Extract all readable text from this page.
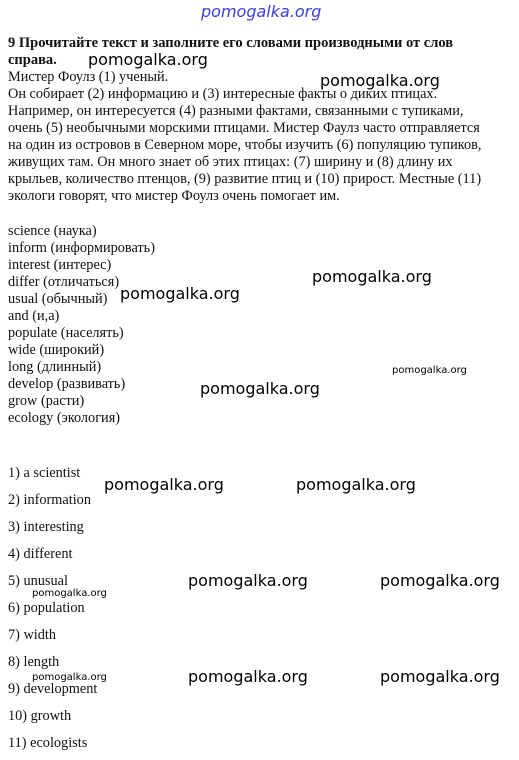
pomogalka.org
9 Прочитайте текст и заполните его словами производными от слов
справа.
Мистер Фоулз (1) ученый.
Он собирает (2) информацию и (3) интересные факты о диких птицах.
Например, он интересуется (4) разными фактами, связанными с тупиками,
очень (5) необычными морскими птицами. Мистер Фаулз часто отправляется
на один из островов в Северном море, чтобы изучить (6) популяцию тупиков,
живущих там. Он много знает об этих птицах: (7) ширину и (8) длину их
крыльев, количество птенцов, (9) развитие птиц и (10) прирост. Местные (11)
экологи говорят, что мистер Фоулз очень помогает им.
science (наука)
inform (информировать)
interest (интерес)
differ (отличаться)
usual (обычный)
and (и,а)
populate (населять)
wide (широкий)
long (длинный)
develop (развивать)
grow (расти)
ecology (экология)
1) a scientist
2) information
3) interesting
4) different
5) unusual
6) population
7) width
8) length
9) development
10) growth
11) ecologists
pomogalka.org
pomogalka.org
pomogalka.org
pomogalka.org
pomogalka.org
pomogalka.org
pomogalka.org	pomogalka.org
pomogalka.org	pomogalka.org
pomogalka.org
pomogalka.org	pomogalka.org
pomogalka.org
